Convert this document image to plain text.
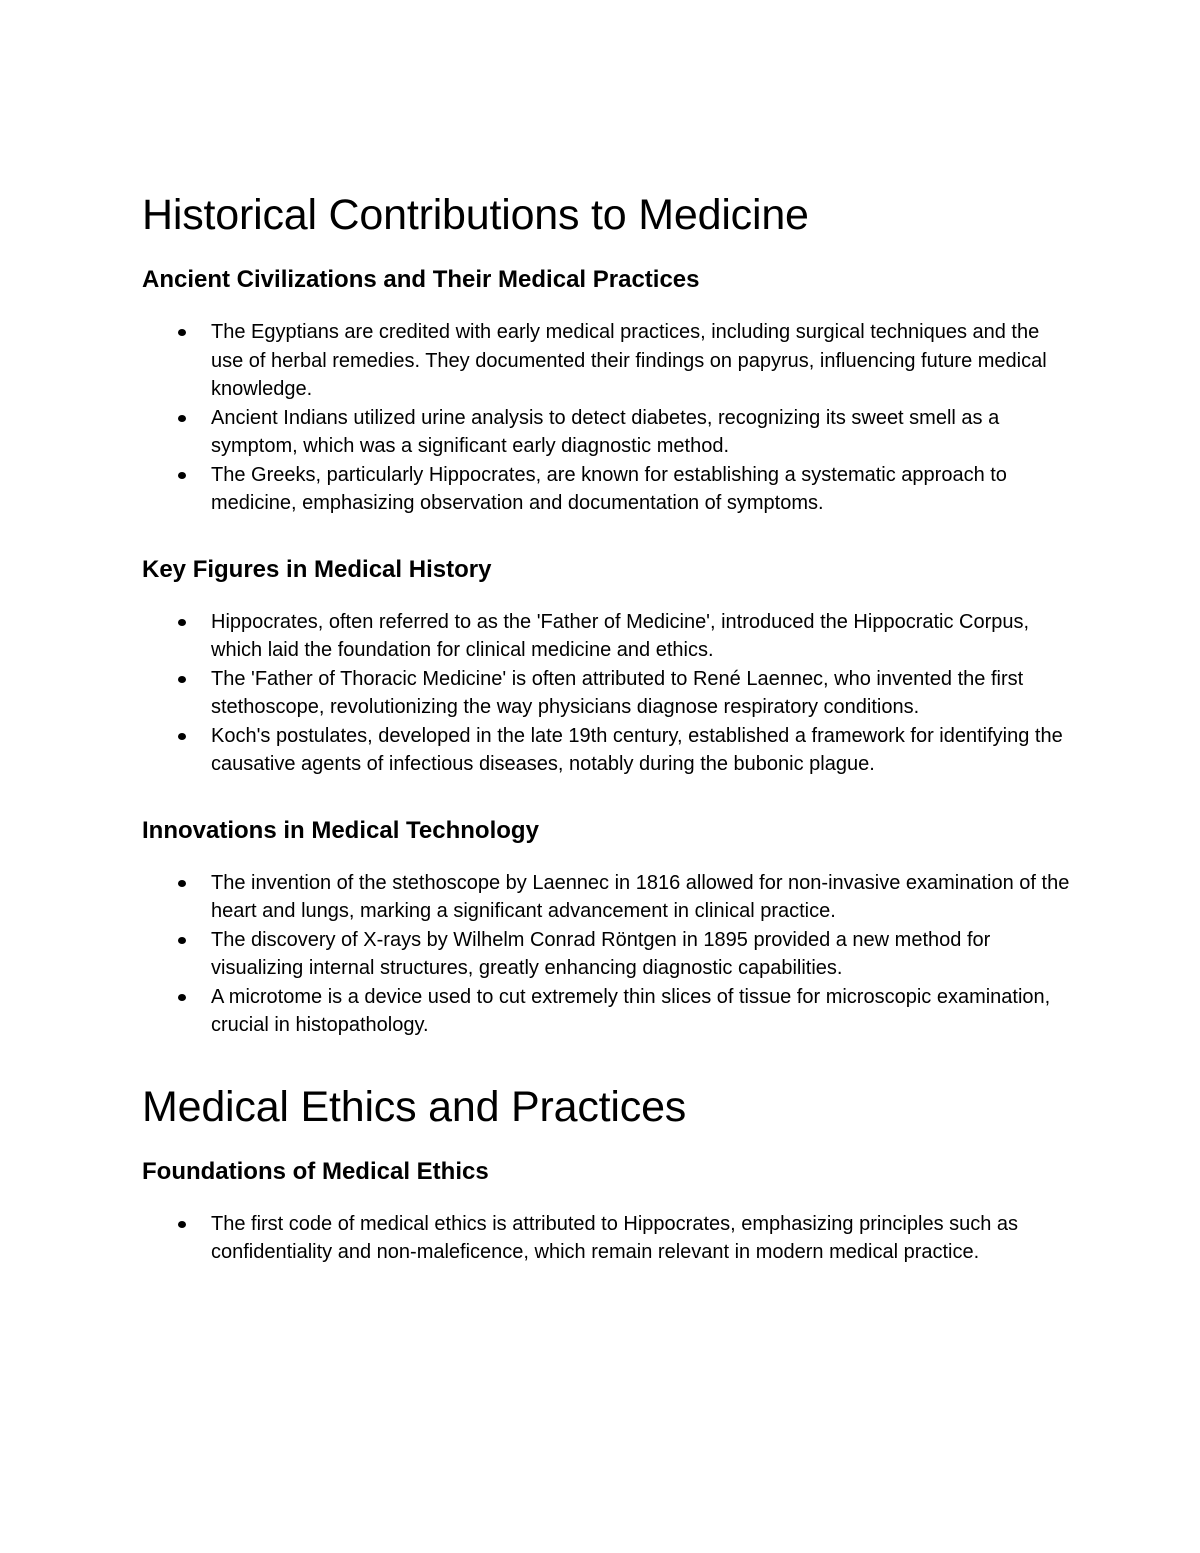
Historical Contributions to Medicine
Ancient Civilizations and Their Medical Practices
The Egyptians are credited with early medical practices, including surgical techniques and the use of herbal remedies. They documented their findings on papyrus, influencing future medical knowledge.
Ancient Indians utilized urine analysis to detect diabetes, recognizing its sweet smell as a symptom, which was a significant early diagnostic method.
The Greeks, particularly Hippocrates, are known for establishing a systematic approach to medicine, emphasizing observation and documentation of symptoms.
Key Figures in Medical History
Hippocrates, often referred to as the 'Father of Medicine', introduced the Hippocratic Corpus, which laid the foundation for clinical medicine and ethics.
The 'Father of Thoracic Medicine' is often attributed to René Laennec, who invented the first stethoscope, revolutionizing the way physicians diagnose respiratory conditions.
Koch's postulates, developed in the late 19th century, established a framework for identifying the causative agents of infectious diseases, notably during the bubonic plague.
Innovations in Medical Technology
The invention of the stethoscope by Laennec in 1816 allowed for non-invasive examination of the heart and lungs, marking a significant advancement in clinical practice.
The discovery of X-rays by Wilhelm Conrad Röntgen in 1895 provided a new method for visualizing internal structures, greatly enhancing diagnostic capabilities.
A microtome is a device used to cut extremely thin slices of tissue for microscopic examination, crucial in histopathology.
Medical Ethics and Practices
Foundations of Medical Ethics
The first code of medical ethics is attributed to Hippocrates, emphasizing principles such as confidentiality and non-maleficence, which remain relevant in modern medical practice.
